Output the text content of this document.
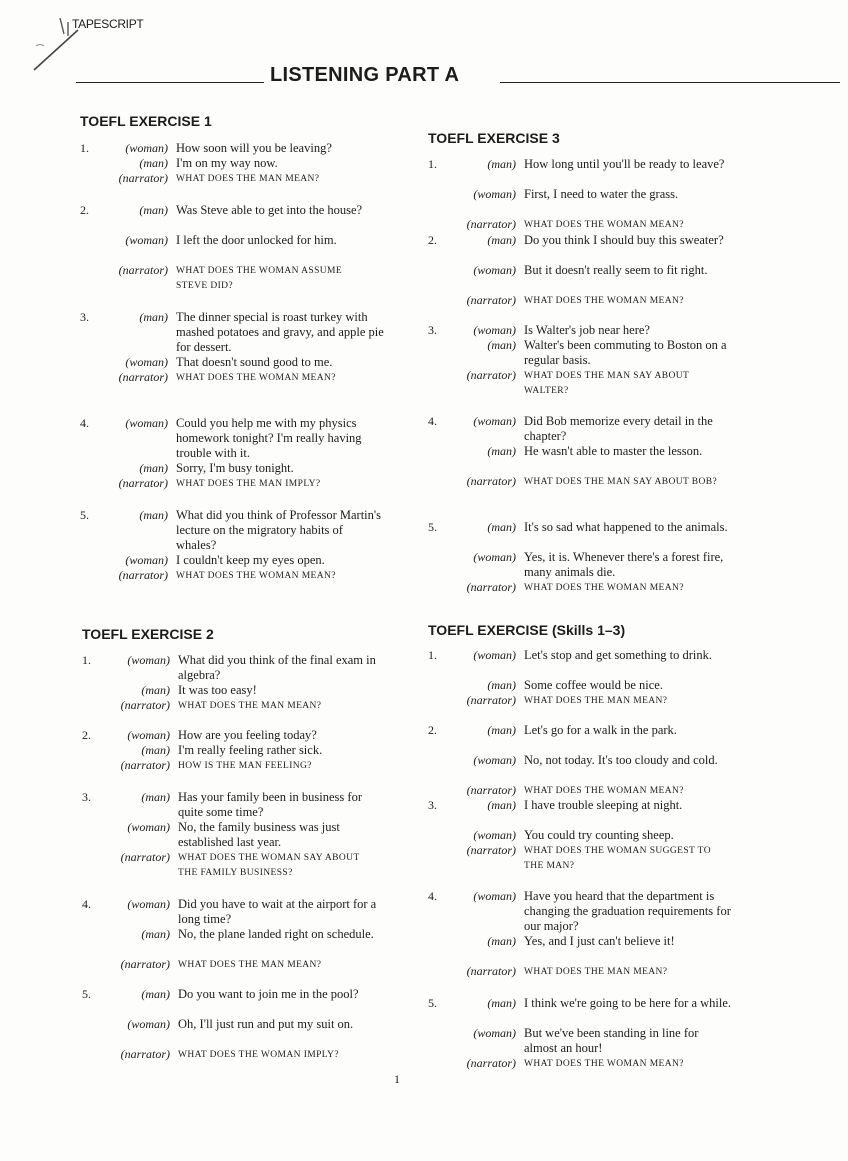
TAPESCRIPT
LISTENING PART A
TOEFL EXERCISE 1
1.	(woman) How soon will you be leaving?
(man) I'm on my way now.
(narrator) WHAT DOES THE MAN MEAN?
2.	(man) Was Steve able to get into the house?
(woman) I left the door unlocked for him.
(narrator) WHAT DOES THE WOMAN ASSUME STEVE DID?
3.	(man) The dinner special is roast turkey with mashed potatoes and gravy, and apple pie for dessert.
(woman) That doesn't sound good to me.
(narrator) WHAT DOES THE WOMAN MEAN?
4.	(woman) Could you help me with my physics homework tonight? I'm really having trouble with it.
(man) Sorry, I'm busy tonight.
(narrator) WHAT DOES THE MAN IMPLY?
5.	(man) What did you think of Professor Martin's lecture on the migratory habits of whales?
(woman) I couldn't keep my eyes open.
(narrator) WHAT DOES THE WOMAN MEAN?
TOEFL EXERCISE 2
1.	(woman) What did you think of the final exam in algebra?
(man) It was too easy!
(narrator) WHAT DOES THE MAN MEAN?
2.	(woman) How are you feeling today?
(man) I'm really feeling rather sick.
(narrator) HOW IS THE MAN FEELING?
3.	(man) Has your family been in business for quite some time?
(woman) No, the family business was just established last year.
(narrator) WHAT DOES THE WOMAN SAY ABOUT THE FAMILY BUSINESS?
4.	(woman) Did you have to wait at the airport for a long time?
(man) No, the plane landed right on schedule.
(narrator) WHAT DOES THE MAN MEAN?
5.	(man) Do you want to join me in the pool?
(woman) Oh, I'll just run and put my suit on.
(narrator) WHAT DOES THE WOMAN IMPLY?
TOEFL EXERCISE 3
1.	(man) How long until you'll be ready to leave?
(woman) First, I need to water the grass.
(narrator) WHAT DOES THE WOMAN MEAN?
2.	(man) Do you think I should buy this sweater?
(woman) But it doesn't really seem to fit right.
(narrator) WHAT DOES THE WOMAN MEAN?
3.	(woman) Is Walter's job near here?
(man) Walter's been commuting to Boston on a regular basis.
(narrator) WHAT DOES THE MAN SAY ABOUT WALTER?
4.	(woman) Did Bob memorize every detail in the chapter?
(man) He wasn't able to master the lesson.
(narrator) WHAT DOES THE MAN SAY ABOUT BOB?
5.	(man) It's so sad what happened to the animals.
(woman) Yes, it is. Whenever there's a forest fire, many animals die.
(narrator) WHAT DOES THE WOMAN MEAN?
TOEFL EXERCISE (Skills 1–3)
1.	(woman) Let's stop and get something to drink.
(man) Some coffee would be nice.
(narrator) WHAT DOES THE MAN MEAN?
2.	(man) Let's go for a walk in the park.
(woman) No, not today. It's too cloudy and cold.
(narrator) WHAT DOES THE WOMAN MEAN?
3.	(man) I have trouble sleeping at night.
(woman) You could try counting sheep.
(narrator) WHAT DOES THE WOMAN SUGGEST TO THE MAN?
4.	(woman) Have you heard that the department is changing the graduation requirements for our major?
(man) Yes, and I just can't believe it!
(narrator) WHAT DOES THE MAN MEAN?
5.	(man) I think we're going to be here for a while.
(woman) But we've been standing in line for almost an hour!
(narrator) WHAT DOES THE WOMAN MEAN?
1
